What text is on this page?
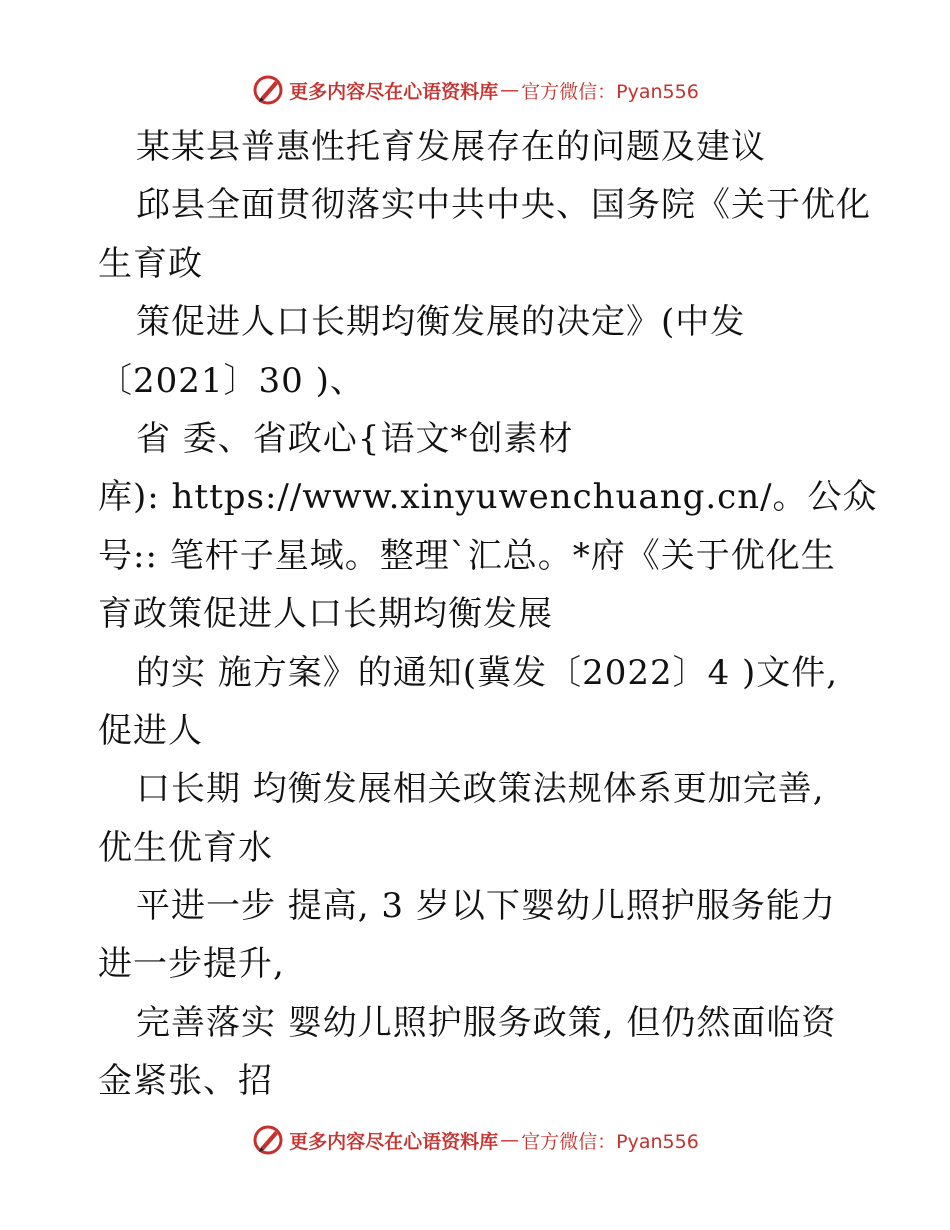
更多内容尽在心语资料库 — 官方微信：Pyan556
某某县普惠性托育发展存在的问题及建议
邱县全面贯彻落实中共中央、国务院《关于优化
生育政
策促进人口长期均衡发展的决定》(中发
〔2021〕30 )、
省 委、省政心{语文*创素材
库): https://www.xinyuwenchuang.cn/。公众
号:: 笔杆子星域。整理`汇总。*府《关于优化生
育政策促进人口长期均衡发展
的实 施方案》的通知(冀发〔2022〕4 )文件,
促进人
口长期 均衡发展相关政策法规体系更加完善,
优生优育水
平进一步 提高, 3 岁以下婴幼儿照护服务能力
进一步提升,
完善落实 婴幼儿照护服务政策, 但仍然面临资
金紧张、招
更多内容尽在心语资料库 — 官方微信：Pyan556
